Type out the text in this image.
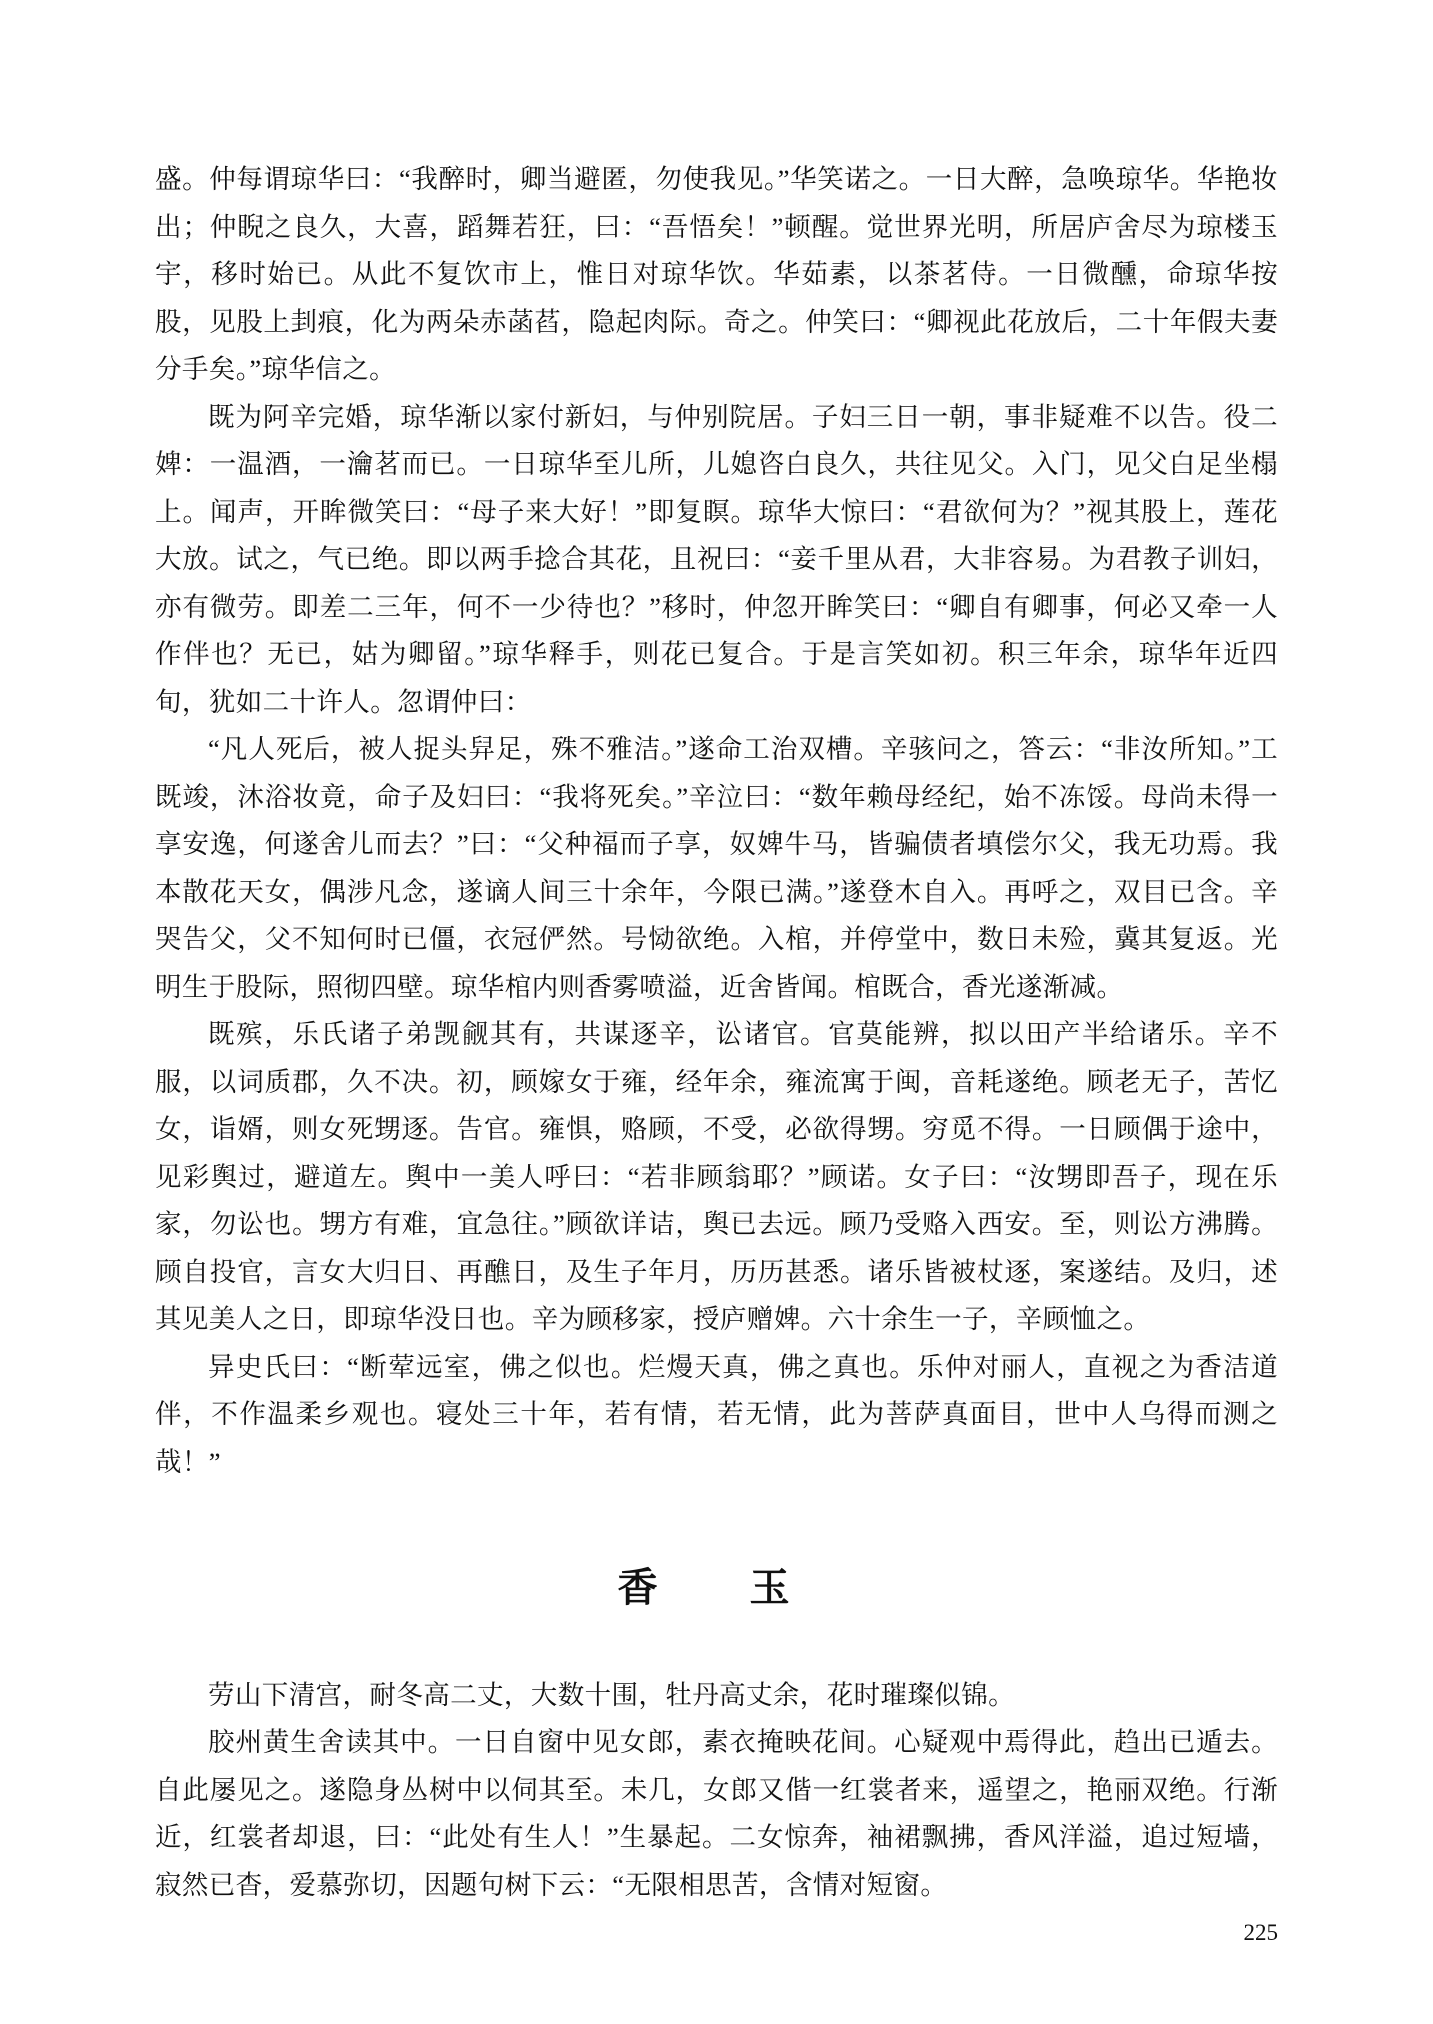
盛。仲每谓琼华曰：“我醉时，卿当避匿，勿使我见。”华笑诺之。一日大醉，急唤琼华。华艳妆出；仲睨之良久，大喜，蹈舞若狂，曰：“吾悟矣！”顿醒。觉世界光明，所居庐舍尽为琼楼玉宇，移时始已。从此不复饮市上，惟日对琼华饮。华茹素，以茶茗侍。一日微醺，命琼华按股，见股上刲痕，化为两朵赤菡萏，隐起肉际。奇之。仲笑曰：“卿视此花放后，二十年假夫妻分手矣。”琼华信之。

既为阿辛完婚，琼华渐以家付新妇，与仲别院居。子妇三日一朝，事非疑难不以告。役二婢：一温酒，一瀹茗而已。一日琼华至儿所，儿媳咨白良久，共往见父。入门，见父白足坐榻上。闻声，开眸微笑曰：“母子来大好！”即复瞑。琼华大惊曰：“君欲何为？”视其股上，莲花大放。试之，气已绝。即以两手捻合其花，且祝曰：“妾千里从君，大非容易。为君教子训妇，亦有微劳。即差二三年，何不一少待也？”移时，仲忽开眸笑曰：“卿自有卿事，何必又牵一人作伴也？无已，姑为卿留。”琼华释手，则花已复合。于是言笑如初。积三年余，琼华年近四旬，犹如二十许人。忽谓仲曰：

“凡人死后，被人捉头舁足，殊不雅洁。”遂命工治双槽。辛骇问之，答云：“非汝所知。”工既竣，沐浴妆竟，命子及妇曰：“我将死矣。”辛泣曰：“数年赖母经纪，始不冻馁。母尚未得一享安逸，何遂舍儿而去？”曰：“父种福而子享，奴婢牛马，皆骗债者填偿尔父，我无功焉。我本散花天女，偶涉凡念，遂谪人间三十余年，今限已满。”遂登木自入。再呼之，双目已含。辛哭告父，父不知何时已僵，衣冠俨然。号恸欲绝。入棺，并停堂中，数日未殓，冀其复返。光明生于股际，照彻四壁。琼华棺内则香雾喷溢，近舍皆闻。棺既合，香光遂渐减。

既殡，乐氏诸子弟觊觎其有，共谋逐辛，讼诸官。官莫能辨，拟以田产半给诸乐。辛不服，以词质郡，久不决。初，顾嫁女于雍，经年余，雍流寓于闽，音耗遂绝。顾老无子，苦忆女，诣婿，则女死甥逐。告官。雍惧，赂顾，不受，必欲得甥。穷觅不得。一日顾偶于途中，见彩舆过，避道左。舆中一美人呼曰：“若非顾翁耶？”顾诺。女子曰：“汝甥即吾子，现在乐家，勿讼也。甥方有难，宜急往。”顾欲详诘，舆已去远。顾乃受赂入西安。至，则讼方沸腾。顾自投官，言女大归日、再醮日，及生子年月，历历甚悉。诸乐皆被杖逐，案遂结。及归，述其见美人之日，即琼华没日也。辛为顾移家，授庐赠婢。六十余生一子，辛顾恤之。

异史氏曰：“断荤远室，佛之似也。烂熳天真，佛之真也。乐仲对丽人，直视之为香洁道伴，不作温柔乡观也。寝处三十年，若有情，若无情，此为菩萨真面目，世中人乌得而测之哉！”

香　玉

劳山下清宫，耐冬高二丈，大数十围，牡丹高丈余，花时璀璨似锦。

胶州黄生舍读其中。一日自窗中见女郎，素衣掩映花间。心疑观中焉得此，趋出已遁去。自此屡见之。遂隐身丛树中以伺其至。未几，女郎又偕一红裳者来，遥望之，艳丽双绝。行渐近，红裳者却退，曰：“此处有生人！”生暴起。二女惊奔，袖裙飘拂，香风洋溢，追过短墙，寂然已杳，爱慕弥切，因题句树下云：“无限相思苦，含情对短窗。

225
